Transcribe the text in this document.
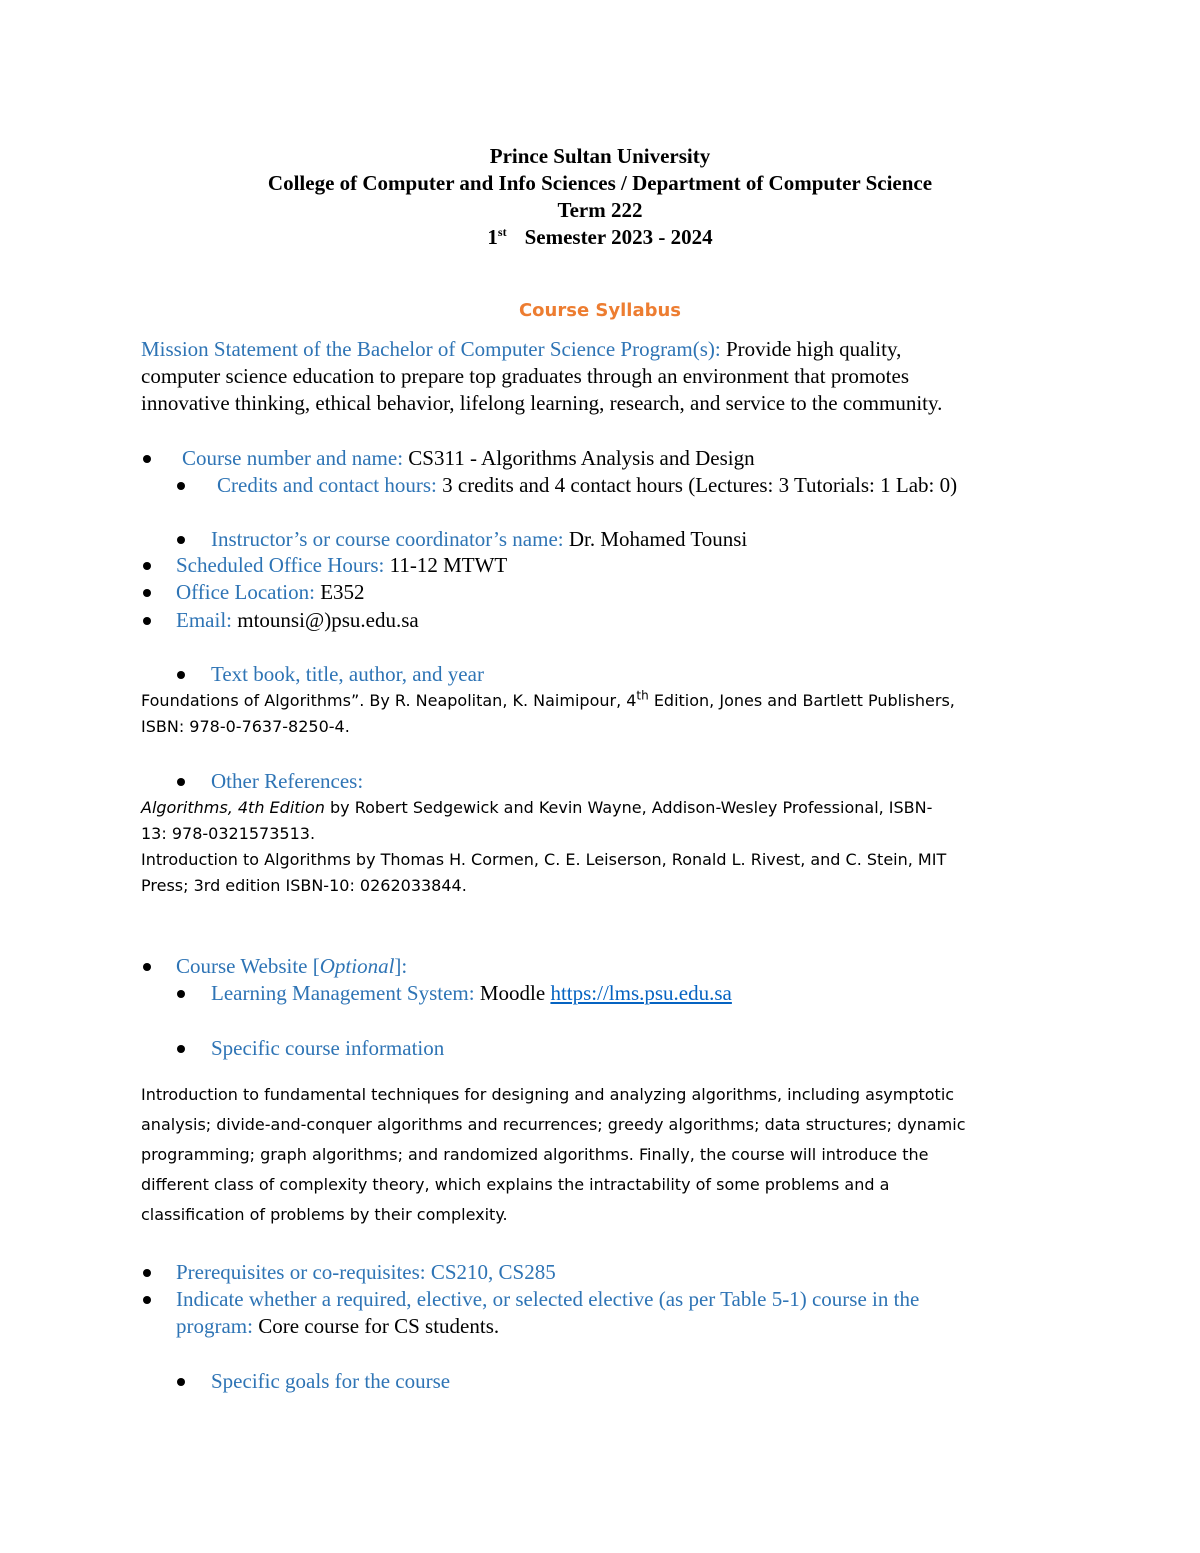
Prince Sultan University
College of Computer and Info Sciences / Department of Computer Science
Term 222
1st Semester 2023 - 2024
Course Syllabus
Mission Statement of the Bachelor of Computer Science Program(s): Provide high quality,
computer science education to prepare top graduates through an environment that promotes
innovative thinking, ethical behavior, lifelong learning, research, and service to the community.
Course number and name: CS311 - Algorithms Analysis and Design
Credits and contact hours: 3 credits and 4 contact hours (Lectures: 3 Tutorials: 1 Lab: 0)
Instructor’s or course coordinator’s name: Dr. Mohamed Tounsi
Scheduled Office Hours: 11-12 MTWT
Office Location: E352
Email: mtounsi@)psu.edu.sa
Text book, title, author, and year
Foundations of Algorithms”. By R. Neapolitan, K. Naimipour, 4th Edition, Jones and Bartlett Publishers,
ISBN: 978-0-7637-8250-4.
Other References:
Algorithms, 4th Edition by Robert Sedgewick and Kevin Wayne, Addison-Wesley Professional, ISBN-
13: 978-0321573513.
Introduction to Algorithms by Thomas H. Cormen, C. E. Leiserson, Ronald L. Rivest, and C. Stein, MIT
Press; 3rd edition ISBN-10: 0262033844.
Course Website [Optional]:
Learning Management System: Moodle https://lms.psu.edu.sa
Specific course information
Introduction to fundamental techniques for designing and analyzing algorithms, including asymptotic
analysis; divide-and-conquer algorithms and recurrences; greedy algorithms; data structures; dynamic
programming; graph algorithms; and randomized algorithms. Finally, the course will introduce the
different class of complexity theory, which explains the intractability of some problems and a
classification of problems by their complexity.
Prerequisites or co-requisites: CS210, CS285
Indicate whether a required, elective, or selected elective (as per Table 5-1) course in the
program: Core course for CS students.
Specific goals for the course
